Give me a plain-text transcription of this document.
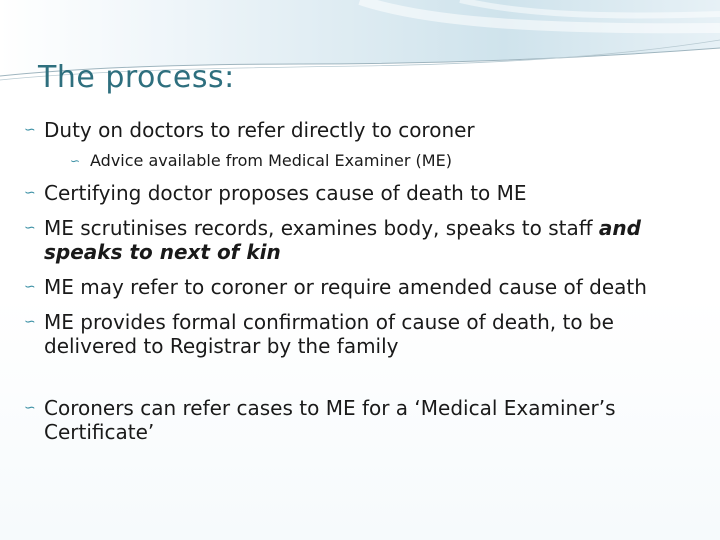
The process:
∽ Duty on doctors to refer directly to coroner
∽ Advice available from Medical Examiner (ME)
∽ Certifying doctor proposes cause of death to ME
∽ ME scrutinises records, examines body, speaks to staff and speaks to next of kin
∽ ME may refer to coroner or require amended cause of death
∽ ME provides formal confirmation of cause of death, to be delivered to Registrar by the family
∽ Coroners can refer cases to ME for a ‘Medical Examiner’s Certificate’
